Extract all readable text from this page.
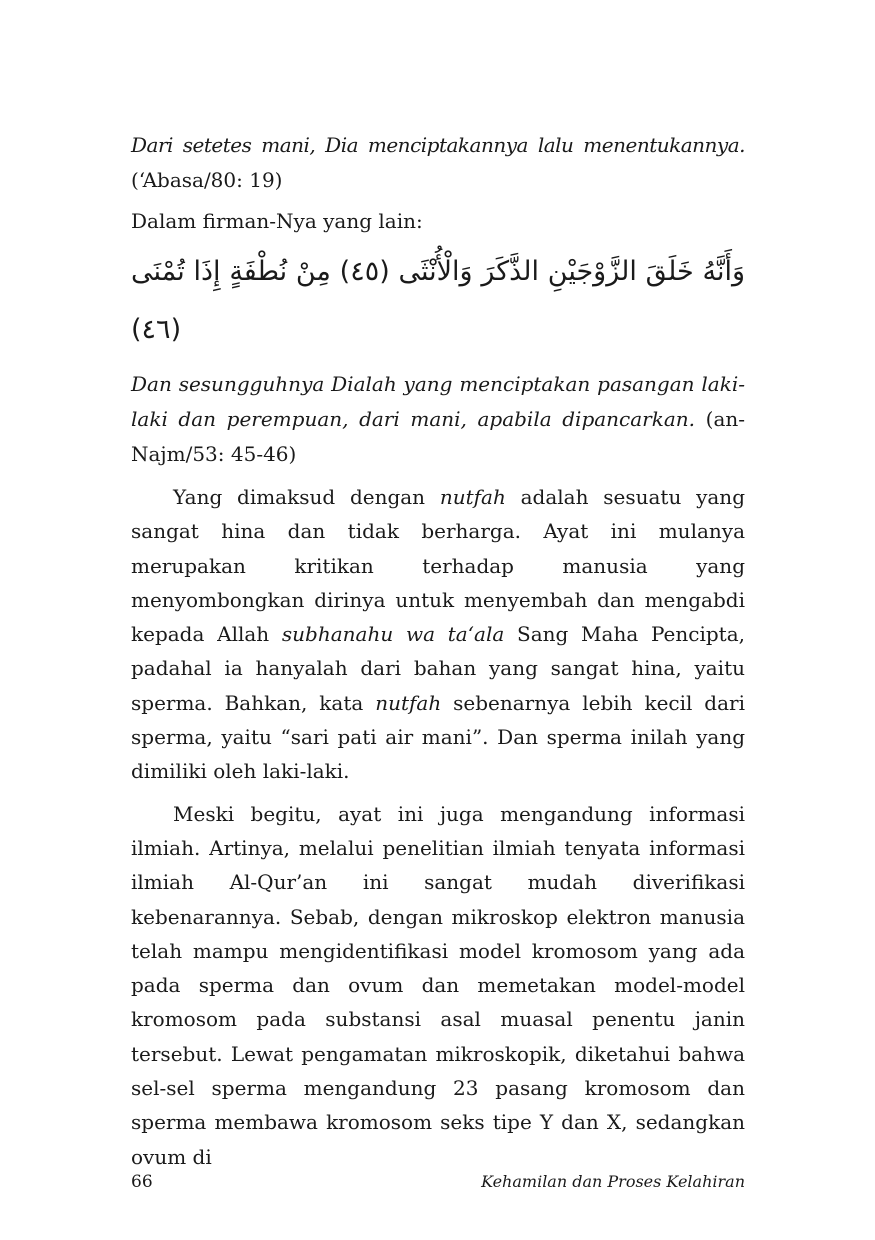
Dari setetes mani, Dia menciptakannya lalu menentukannya. (‘Abasa/80: 19)

Dalam firman-Nya yang lain:

وَأَنَّهُ خَلَقَ الزَّوْجَيْنِ الذَّكَرَ وَالْأُنْثَى (٤٥) مِنْ نُطْفَةٍ إِذَا تُمْنَى

(٤٦)

Dan sesungguhnya Dialah yang menciptakan pasangan laki-laki dan perempuan, dari mani, apabila dipancarkan. (an-Najm/53: 45-46)

Yang dimaksud dengan nutfah adalah sesuatu yang sangat hina dan tidak berharga. Ayat ini mulanya merupakan kritikan terhadap manusia yang menyombongkan dirinya untuk menyembah dan mengabdi kepada Allah subhanahu wa ta‘ala Sang Maha Pencipta, padahal ia hanyalah dari bahan yang sangat hina, yaitu sperma. Bahkan, kata nutfah sebenarnya lebih kecil dari sperma, yaitu “sari pati air mani”. Dan sperma inilah yang dimiliki oleh laki-laki.

Meski begitu, ayat ini juga mengandung informasi ilmiah. Artinya, melalui penelitian ilmiah tenyata informasi ilmiah Al-Qur’an ini sangat mudah diverifikasi kebenarannya. Sebab, dengan mikroskop elektron manusia telah mampu mengidentifikasi model kromosom yang ada pada sperma dan ovum dan memetakan model-model kromosom pada substansi asal muasal penentu janin tersebut. Lewat pengamatan mikroskopik, diketahui bahwa sel-sel sperma mengandung 23 pasang kromosom dan sperma membawa kromosom seks tipe Y dan X, sedangkan ovum di

66	Kehamilan dan Proses Kelahiran
